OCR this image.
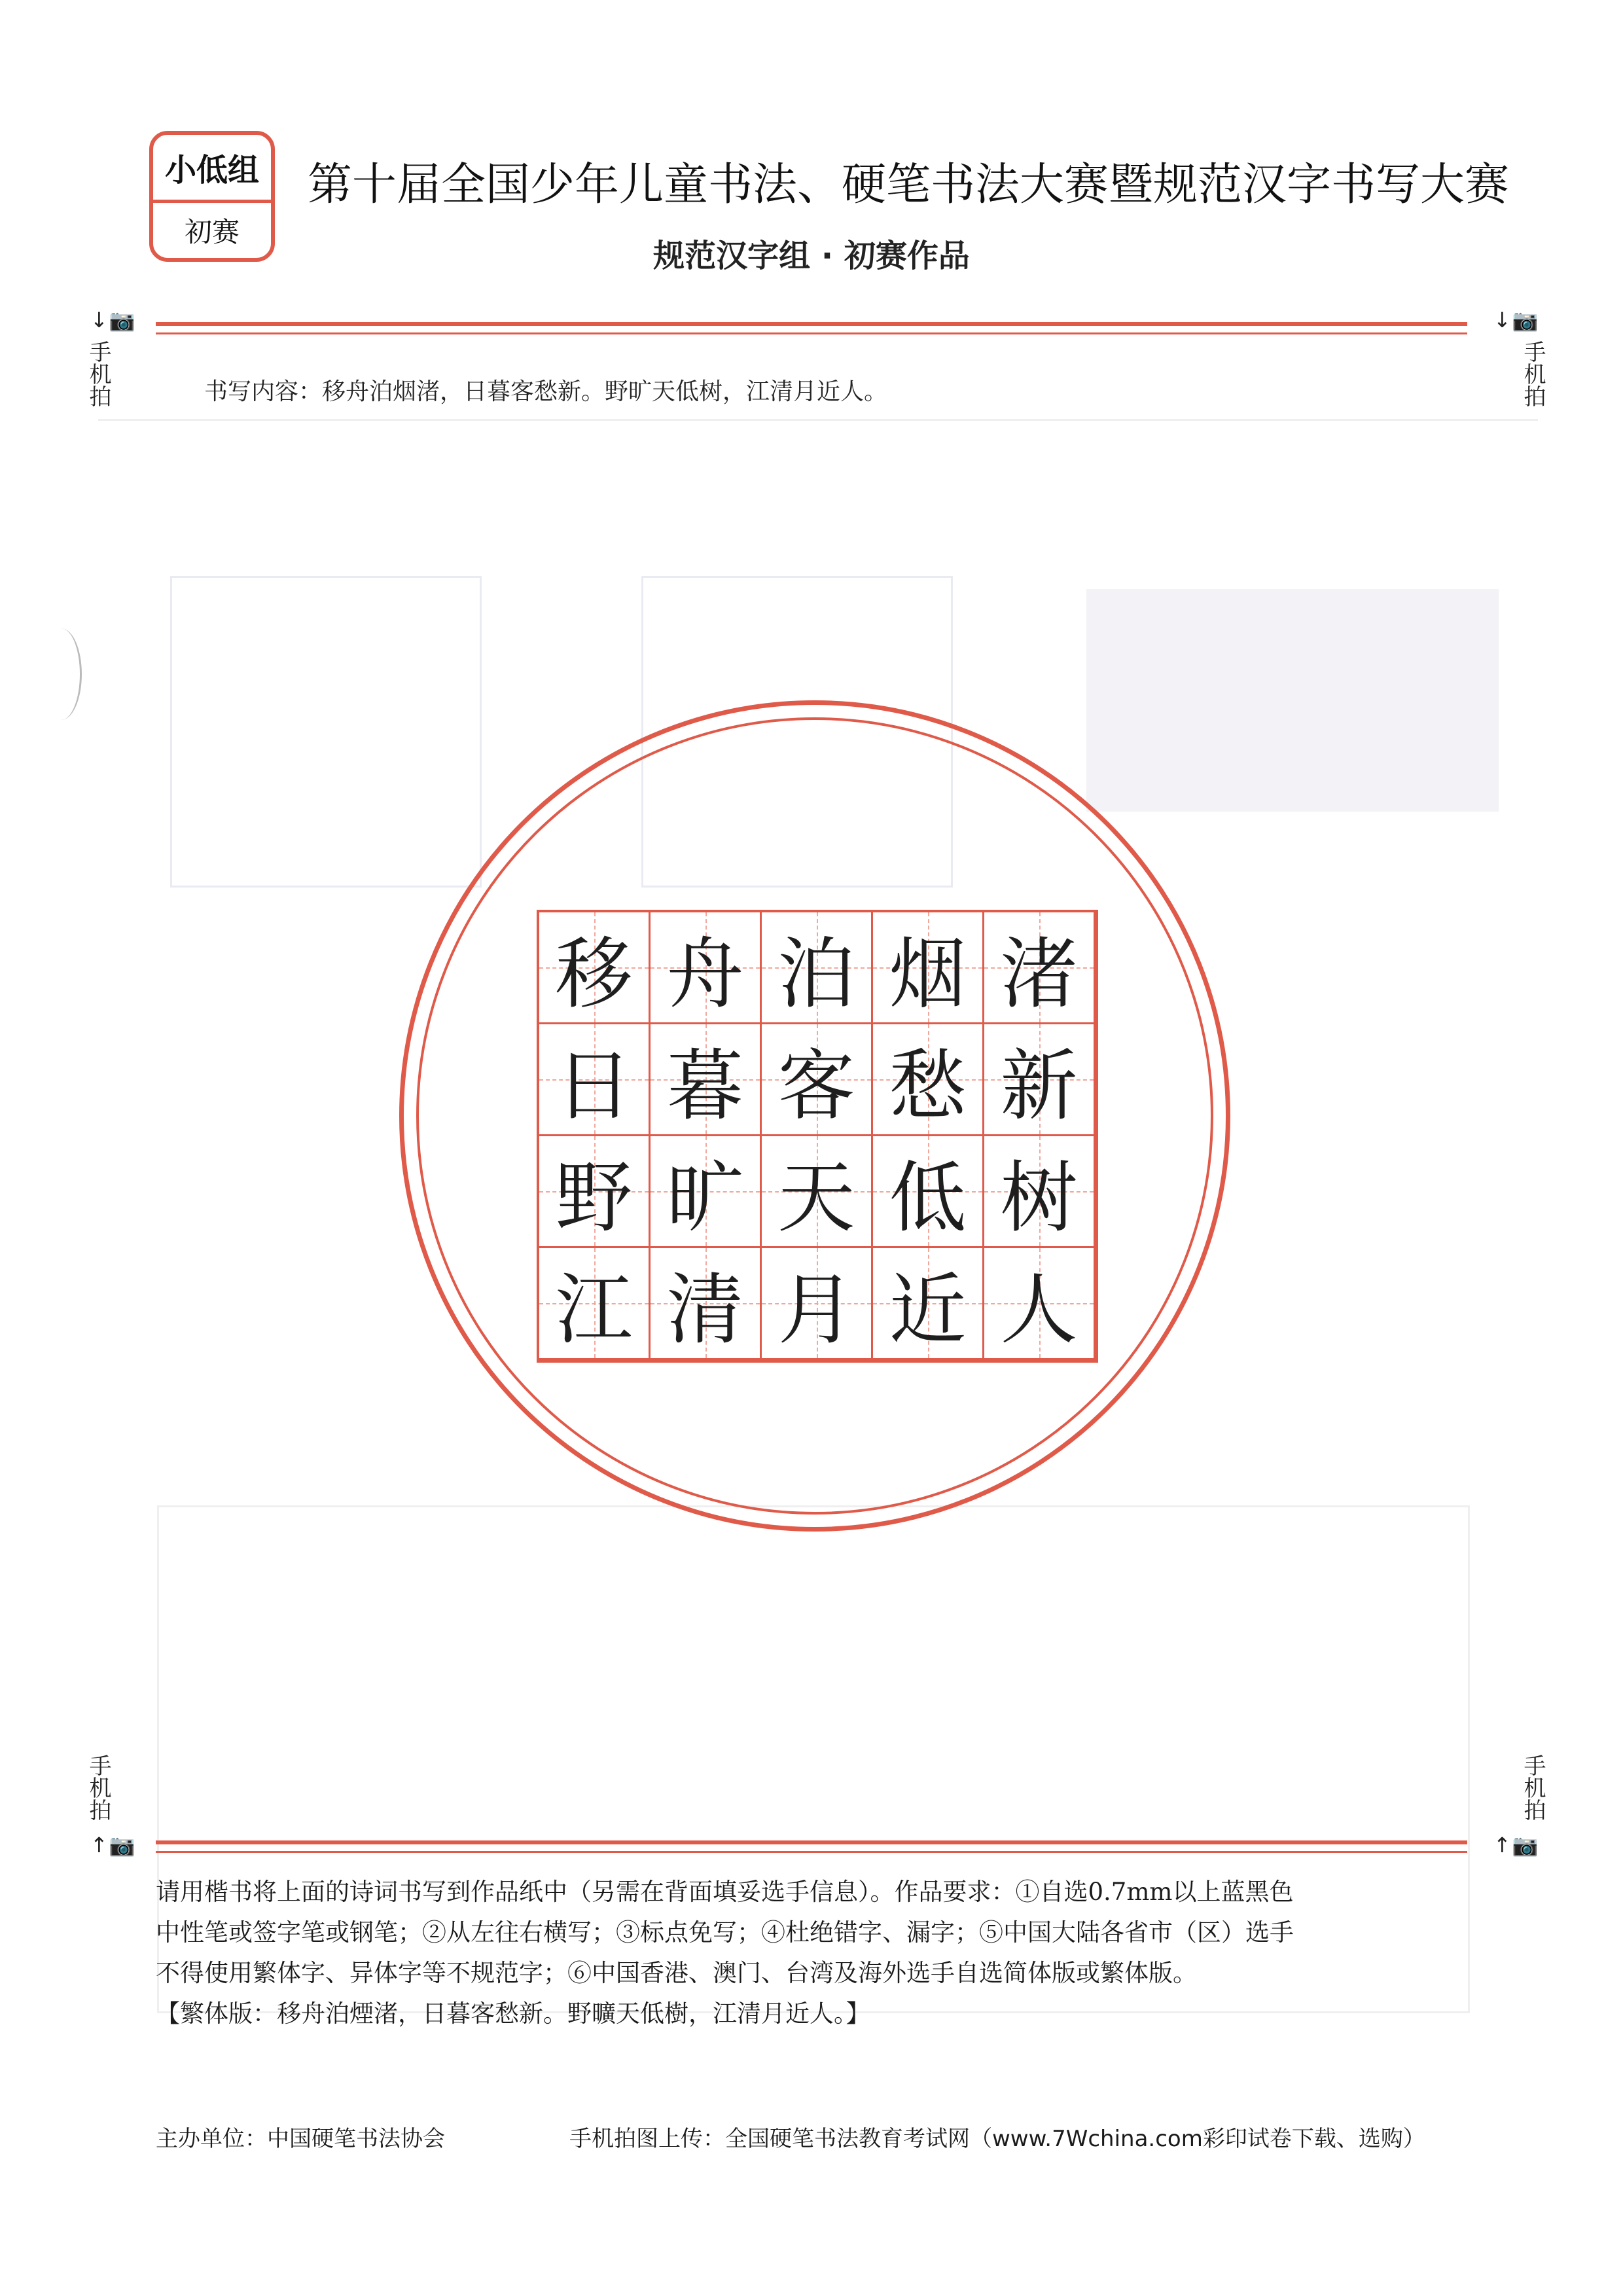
小低组
初赛
第十届全国少年儿童书法、硬笔书法大赛暨规范汉字书写大赛
规范汉字组 · 初赛作品
↓📷
手机拍
↓📷
手机拍
书写内容：移舟泊烟渚，日暮客愁新。野旷天低树，江清月近人。
移 舟 泊 烟 渚
日 暮 客 愁 新
野 旷 天 低 树
江 清 月 近 人
手机拍
↑📷
手机拍
↑📷

请用楷书将上面的诗词书写到作品纸中（另需在背面填妥选手信息）。作品要求：①自选0.7mm以上蓝黑色

中性笔或签字笔或钢笔；②从左往右横写；③标点免写；④杜绝错字、漏字；⑤中国大陆各省市（区）选手

不得使用繁体字、异体字等不规范字；⑥中国香港、澳门、台湾及海外选手自选简体版或繁体版。

【繁体版：移舟泊煙渚，日暮客愁新。野曠天低樹，江清月近人。】

主办单位：中国硬笔书法协会	手机拍图上传：全国硬笔书法教育考试网（www.7Wchina.com彩印试卷下载、选购）
